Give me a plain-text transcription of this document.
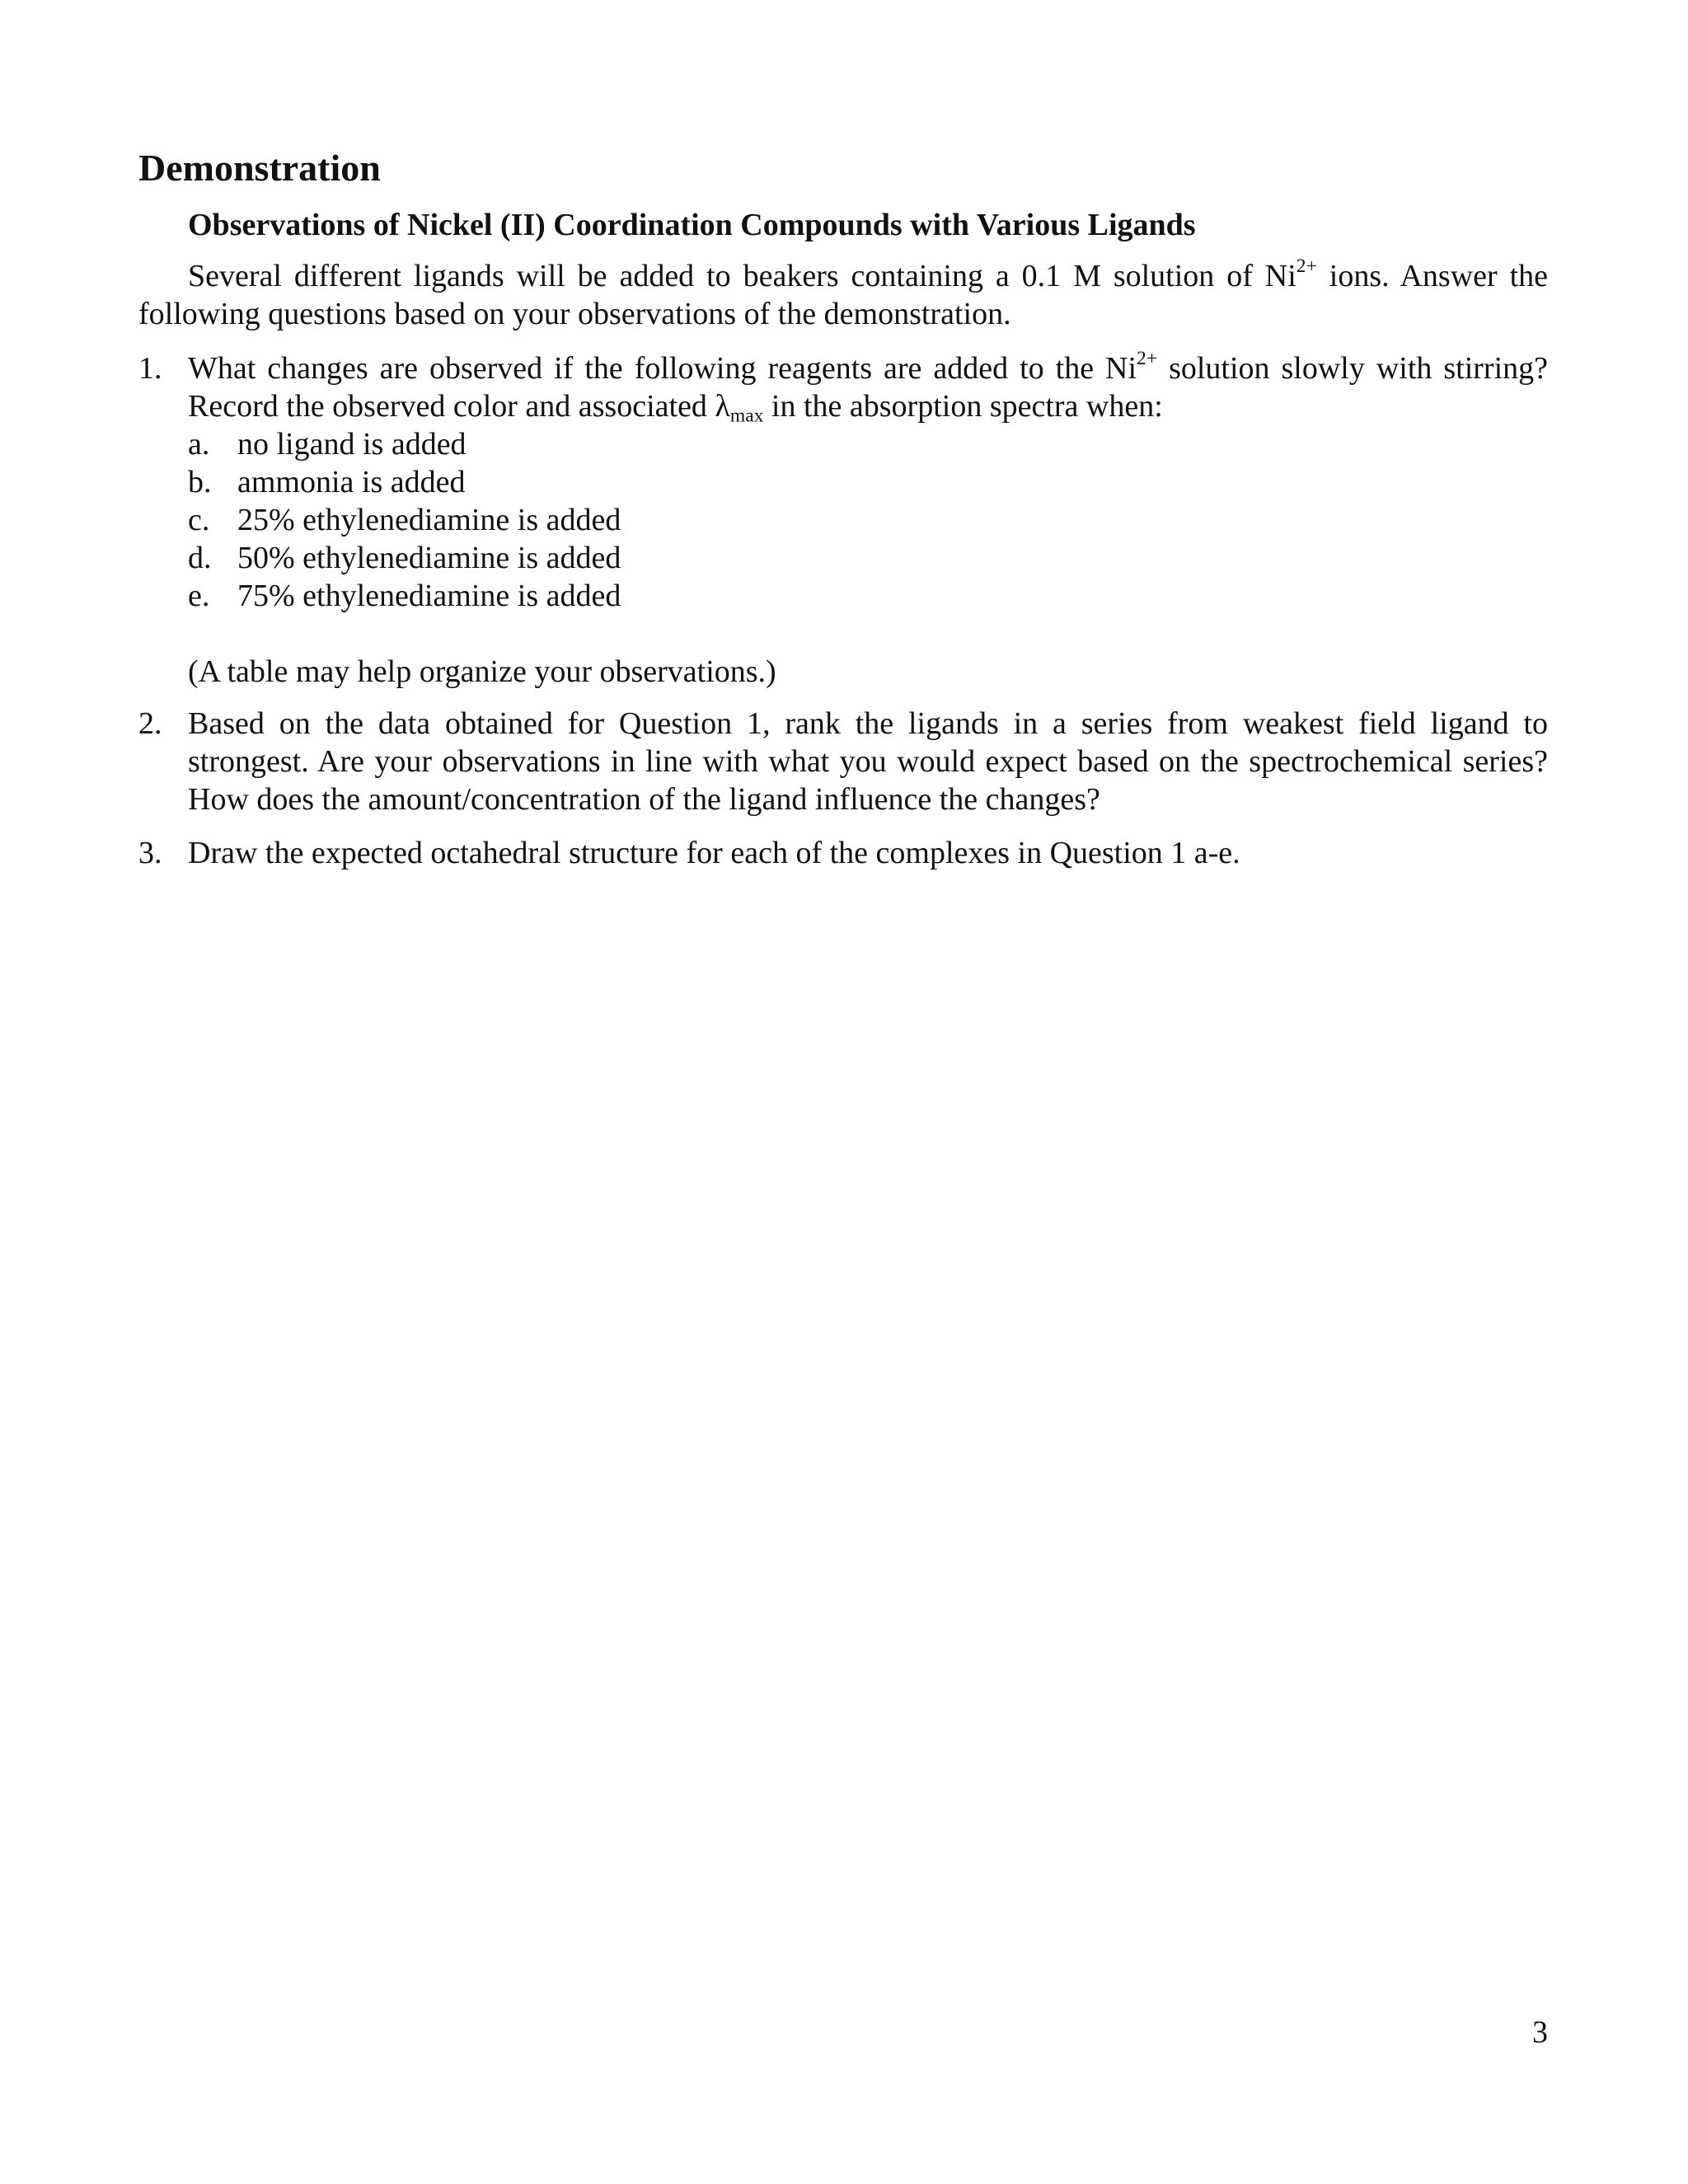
Demonstration
Observations of Nickel (II) Coordination Compounds with Various Ligands

Several different ligands will be added to beakers containing a 0.1 M solution of $Ni^{2+}$ ions. Answer the following questions based on your observations of the demonstration.

1. What changes are observed if the following reagents are added to the $Ni^{2+}$ solution slowly with stirring? Record the observed color and associated $\lambda_{max}$ in the absorption spectra when:
a. no ligand is added
b. ammonia is added
c. 25% ethylenediamine is added
d. 50% ethylenediamine is added
e. 75% ethylenediamine is added
(A table may help organize your observations.)
2. Based on the data obtained for Question 1, rank the ligands in a series from weakest field ligand to strongest. Are your observations in line with what you would expect based on the spectrochemical series? How does the amount/concentration of the ligand influence the changes?
3. Draw the expected octahedral structure for each of the complexes in Question 1 a-e.
3
